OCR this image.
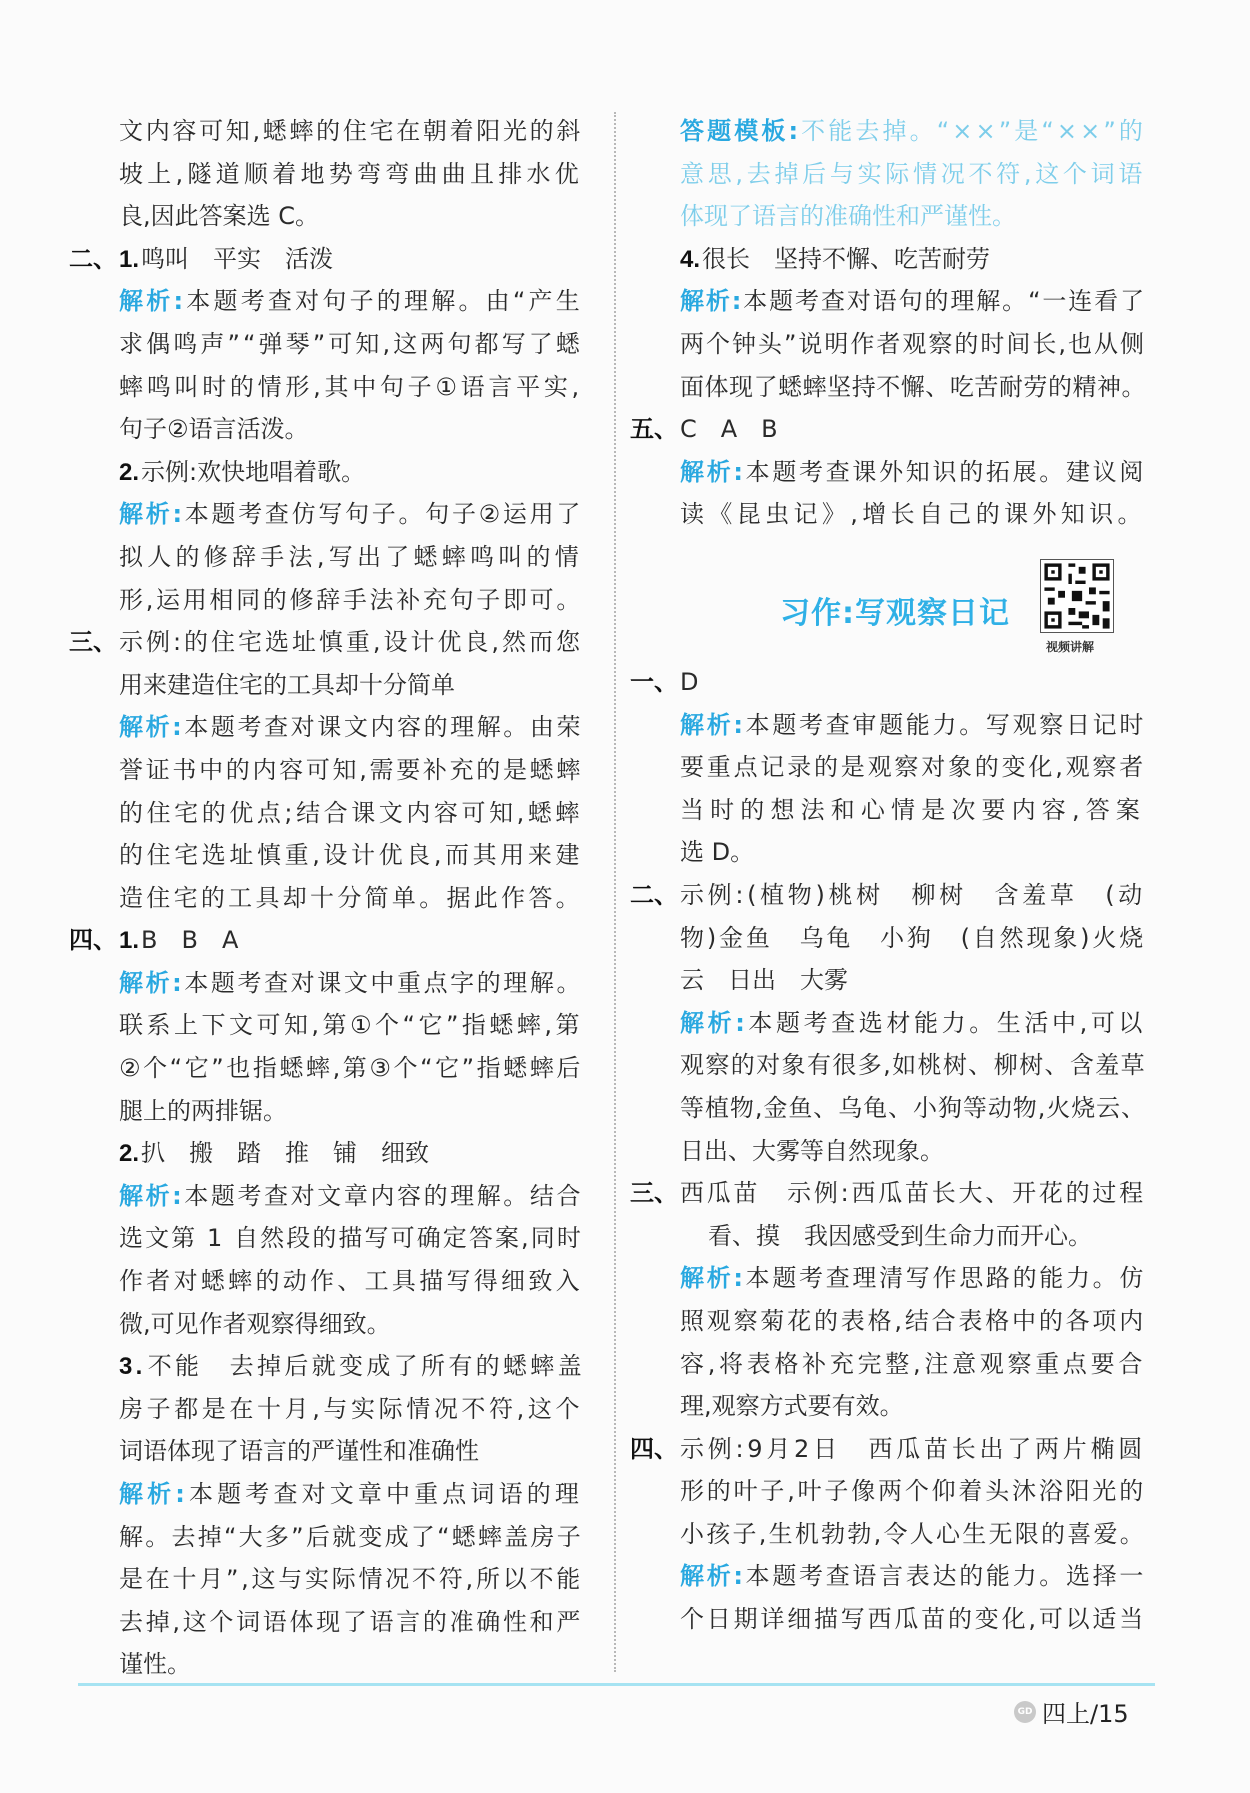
文内容可知,蟋蟀的住宅在朝着阳光的斜
坡上,隧道顺着地势弯弯曲曲且排水优
良,因此答案选 C。
二、 1.鸣叫　平实　活泼
解析:本题考查对句子的理解。由“产生
求偶鸣声”“弹琴”可知,这两句都写了蟋
蟀鸣叫时的情形,其中句子①语言平实,
句子②语言活泼。
2.示例:欢快地唱着歌。
解析:本题考查仿写句子。句子②运用了
拟人的修辞手法,写出了蟋蟀鸣叫的情
形,运用相同的修辞手法补充句子即可。
三、 示例:的住宅选址慎重,设计优良,然而您
用来建造住宅的工具却十分简单
解析:本题考查对课文内容的理解。由荣
誉证书中的内容可知,需要补充的是蟋蟀
的住宅的优点;结合课文内容可知,蟋蟀
的住宅选址慎重,设计优良,而其用来建
造住宅的工具却十分简单。据此作答。
四、 1.B　B　A
解析:本题考查对课文中重点字的理解。
联系上下文可知,第①个“它”指蟋蟀,第
②个“它”也指蟋蟀,第③个“它”指蟋蟀后
腿上的两排锯。
2.扒　搬　踏　推　铺　细致
解析:本题考查对文章内容的理解。结合
选文第 1 自然段的描写可确定答案,同时
作者对蟋蟀的动作、工具描写得细致入
微,可见作者观察得细致。
3.不能　去掉后就变成了所有的蟋蟀盖
房子都是在十月,与实际情况不符,这个
词语体现了语言的严谨性和准确性
解析:本题考查对文章中重点词语的理
解。去掉“大多”后就变成了“蟋蟀盖房子
是在十月”,这与实际情况不符,所以不能
去掉,这个词语体现了语言的准确性和严
谨性。
答题模板:不能去掉。“××”是“××”的
意思,去掉后与实际情况不符,这个词语
体现了语言的准确性和严谨性。
4.很长　坚持不懈、吃苦耐劳
解析:本题考查对语句的理解。“一连看了
两个钟头”说明作者观察的时间长,也从侧
面体现了蟋蟀坚持不懈、吃苦耐劳的精神。
五、 C　A　B
解析:本题考查课外知识的拓展。建议阅
读《昆虫记》,增长自己的课外知识。
习作:写观察日记
视频讲解
一、 D
解析:本题考查审题能力。写观察日记时
要重点记录的是观察对象的变化,观察者
当时的想法和心情是次要内容,答案
选 D。
二、 示例:(植物)桃树　柳树　含羞草　(动
物)金鱼　乌龟　小狗　(自然现象)火烧
云　日出　大雾
解析:本题考查选材能力。生活中,可以
观察的对象有很多,如桃树、柳树、含羞草
等植物,金鱼、乌龟、小狗等动物,火烧云、
日出、大雾等自然现象。
三、 西瓜苗　示例:西瓜苗长大、开花的过程
看、摸　我因感受到生命力而开心。
解析:本题考查理清写作思路的能力。仿
照观察菊花的表格,结合表格中的各项内
容,将表格补充完整,注意观察重点要合
理,观察方式要有效。
四、 示例:9月2日　西瓜苗长出了两片椭圆
形的叶子,叶子像两个仰着头沐浴阳光的
小孩子,生机勃勃,令人心生无限的喜爱。
解析:本题考查语言表达的能力。选择一
个日期详细描写西瓜苗的变化,可以适当
GD 四上/15
